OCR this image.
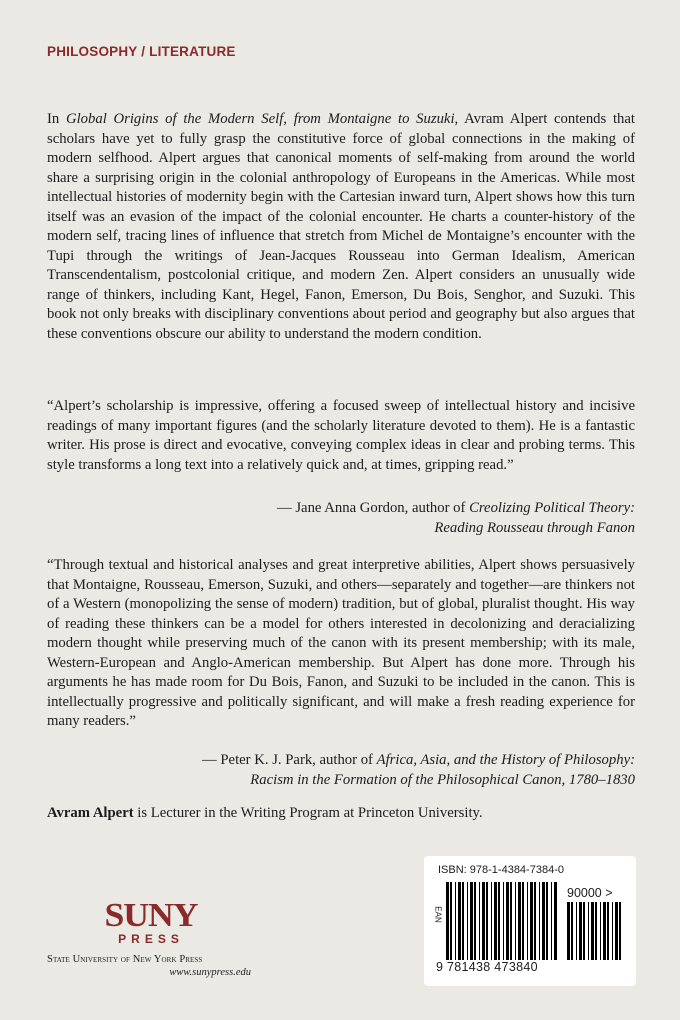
PHILOSOPHY / LITERATURE
In Global Origins of the Modern Self, from Montaigne to Suzuki, Avram Alpert contends that scholars have yet to fully grasp the constitutive force of global connections in the making of modern selfhood. Alpert argues that canonical moments of self-making from around the world share a surprising origin in the colonial anthropology of Europeans in the Americas. While most intellectual histories of modernity begin with the Cartesian inward turn, Alpert shows how this turn itself was an evasion of the impact of the colonial encounter. He charts a counter-history of the modern self, tracing lines of influence that stretch from Michel de Montaigne’s encounter with the Tupi through the writings of Jean-Jacques Rousseau into German Idealism, American Transcendentalism, postcolonial critique, and modern Zen. Alpert considers an unusually wide range of thinkers, including Kant, Hegel, Fanon, Emerson, Du Bois, Senghor, and Suzuki. This book not only breaks with disciplinary conventions about period and geography but also argues that these conventions obscure our ability to understand the modern condition.
“Alpert’s scholarship is impressive, offering a focused sweep of intellectual history and incisive readings of many important figures (and the scholarly literature devoted to them). He is a fantastic writer. His prose is direct and evocative, conveying complex ideas in clear and probing terms. This style transforms a long text into a relatively quick and, at times, gripping read.”
— Jane Anna Gordon, author of Creolizing Political Theory:
Reading Rousseau through Fanon
“Through textual and historical analyses and great interpretive abilities, Alpert shows persuasively that Montaigne, Rousseau, Emerson, Suzuki, and others—separately and together—are thinkers not of a Western (monopolizing the sense of modern) tradition, but of global, pluralist thought. His way of reading these thinkers can be a model for others interested in decolonizing and deracializing modern thought while preserving much of the canon with its present membership; with its male, Western-European and Anglo-American membership. But Alpert has done more. Through his arguments he has made room for Du Bois, Fanon, and Suzuki to be included in the canon. This is intellectually progressive and politically significant, and will make a fresh reading experience for many readers.”
— Peter K. J. Park, author of Africa, Asia, and the History of Philosophy:
Racism in the Formation of the Philosophical Canon, 1780–1830
Avram Alpert is Lecturer in the Writing Program at Princeton University.
SUNY
PRESS
State University of New York Press
www.sunypress.edu
ISBN: 978-1-4384-7384-0
EAN
9 781438 473840
90000 >
